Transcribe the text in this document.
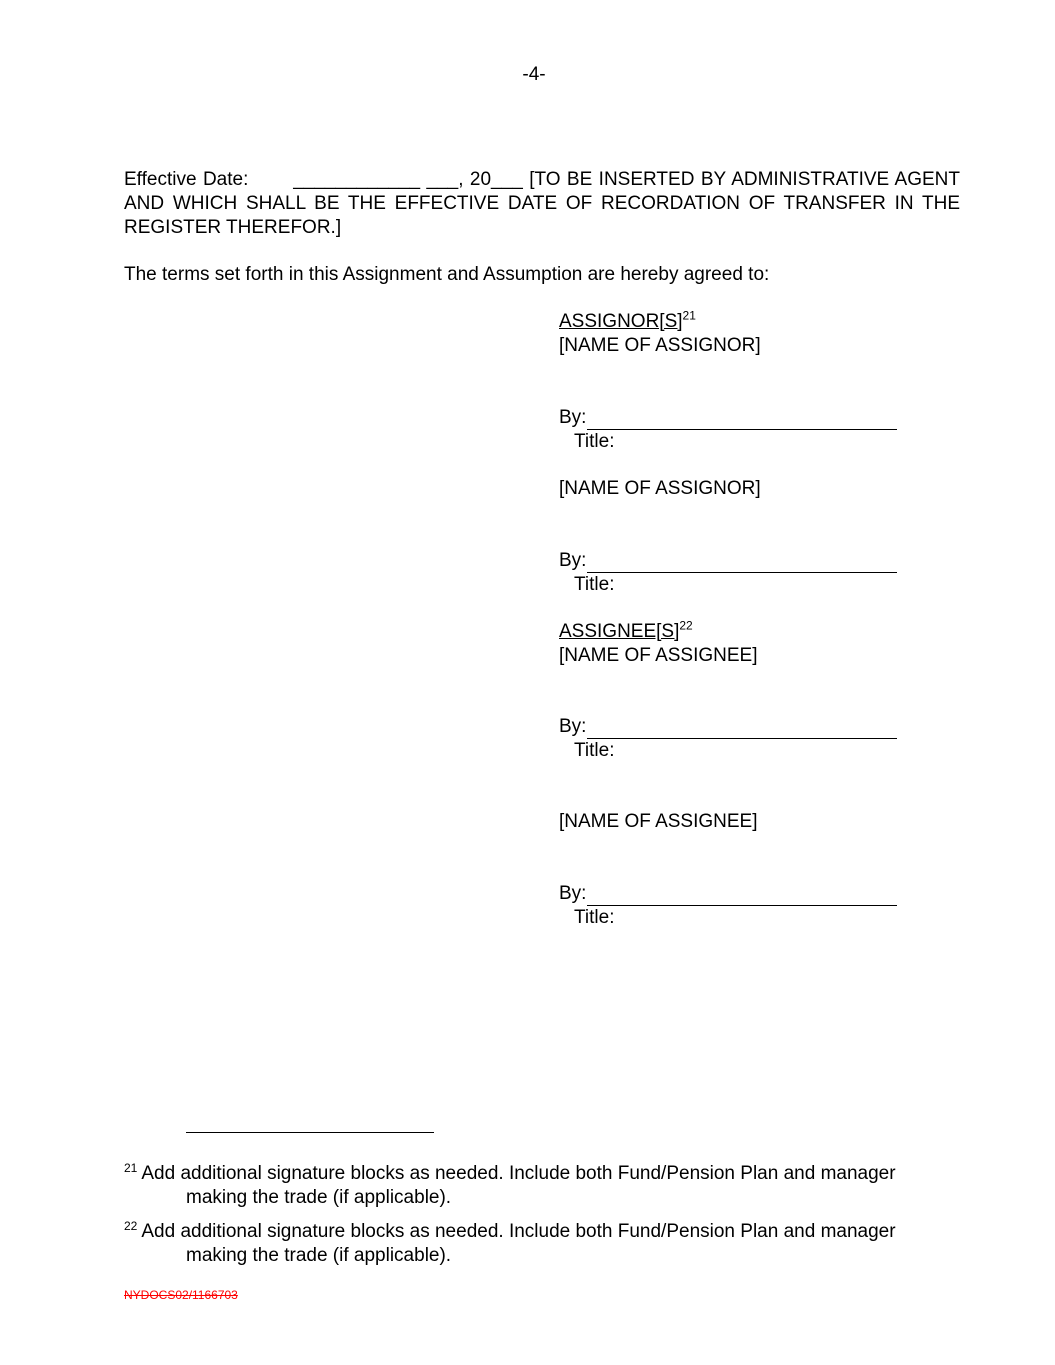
-4-
Effective Date: ____________ ___, 20___ [TO BE INSERTED BY ADMINISTRATIVE AGENT AND WHICH SHALL BE THE EFFECTIVE DATE OF RECORDATION OF TRANSFER IN THE REGISTER THEREFOR.]
The terms set forth in this Assignment and Assumption are hereby agreed to:
$ASSIGNOR[S]^{21}$
[NAME OF ASSIGNOR]
By:
Title:
[NAME OF ASSIGNOR]
By:
Title:
$ASSIGNEE[S]^{22}$
[NAME OF ASSIGNEE]
By:
Title:
[NAME OF ASSIGNEE]
By:
Title:
$^{21}$ Add additional signature blocks as needed. Include both Fund/Pension Plan and manager
making the trade (if applicable).
$^{22}$ Add additional signature blocks as needed. Include both Fund/Pension Plan and manager
making the trade (if applicable).
NYDOCS02/1166703
